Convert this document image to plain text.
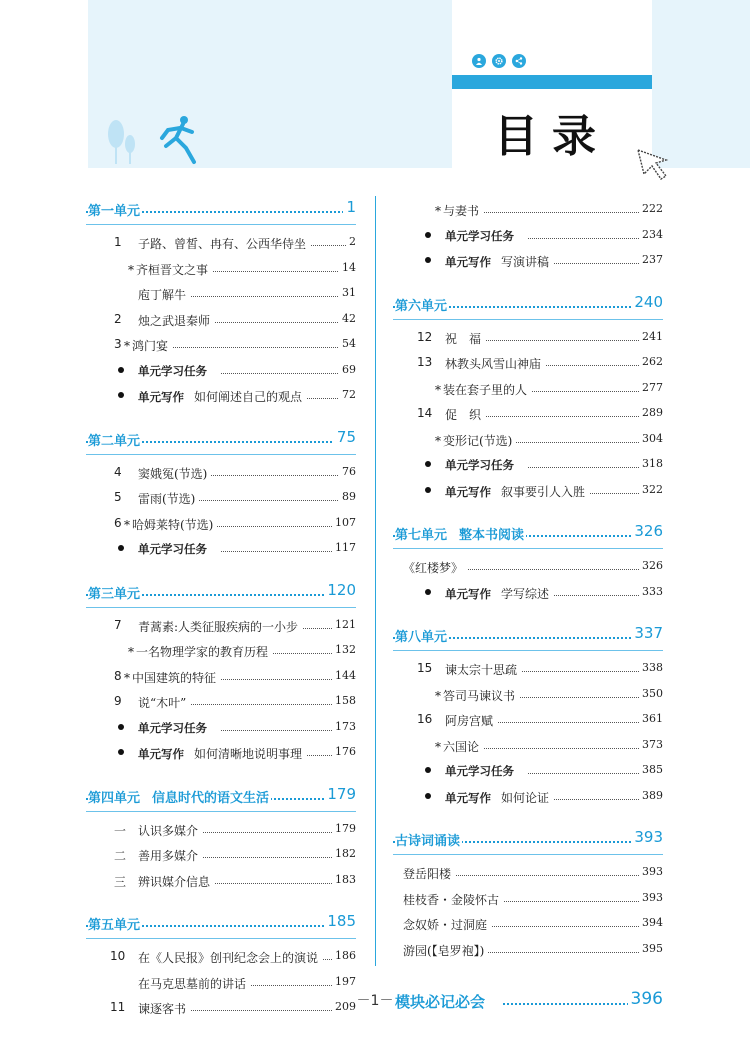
目录
第一单元	1
1 子路、曾皙、冉有、公西华侍坐	2
* 齐桓晋文之事	14
庖丁解牛	31
2 烛之武退秦师	42
3 * 鸿门宴	54
单元学习任务	69
单元写作 如何阐述自己的观点	72
第二单元	75
4 窦娥冤(节选)	76
5 雷雨(节选)	89
6 * 哈姆莱特(节选)	107
单元学习任务	117
第三单元	120
7 青蒿素:人类征服疾病的一小步	121
* 一名物理学家的教育历程	132
8 * 中国建筑的特征	144
9 说“木叶”	158
单元学习任务	173
单元写作 如何清晰地说明事理	176
第四单元 信息时代的语文生活	179
一 认识多媒介	179
二 善用多媒介	182
三 辨识媒介信息	183
第五单元	185
10 在《人民报》创刊纪念会上的演说	186
在马克思墓前的讲话	197
11 谏逐客书	209
* 与妻书	222
单元学习任务	234
单元写作 写演讲稿	237
第六单元	240
12 祝　福	241
13 林教头风雪山神庙	262
* 装在套子里的人	277
14 促　织	289
* 变形记(节选)	304
单元学习任务	318
单元写作 叙事要引人入胜	322
第七单元 整本书阅读	326
《红楼梦》	326
单元写作 学写综述	333
第八单元	337
15 谏太宗十思疏	338
* 答司马谏议书	350
16 阿房宫赋	361
* 六国论	373
单元学习任务	385
单元写作 如何论证	389
古诗词诵读	393
登岳阳楼	393
桂枝香・金陵怀古	393
念奴娇・过洞庭	394
游园(【皂罗袍】)	395
模块必记必会	396
－1－
